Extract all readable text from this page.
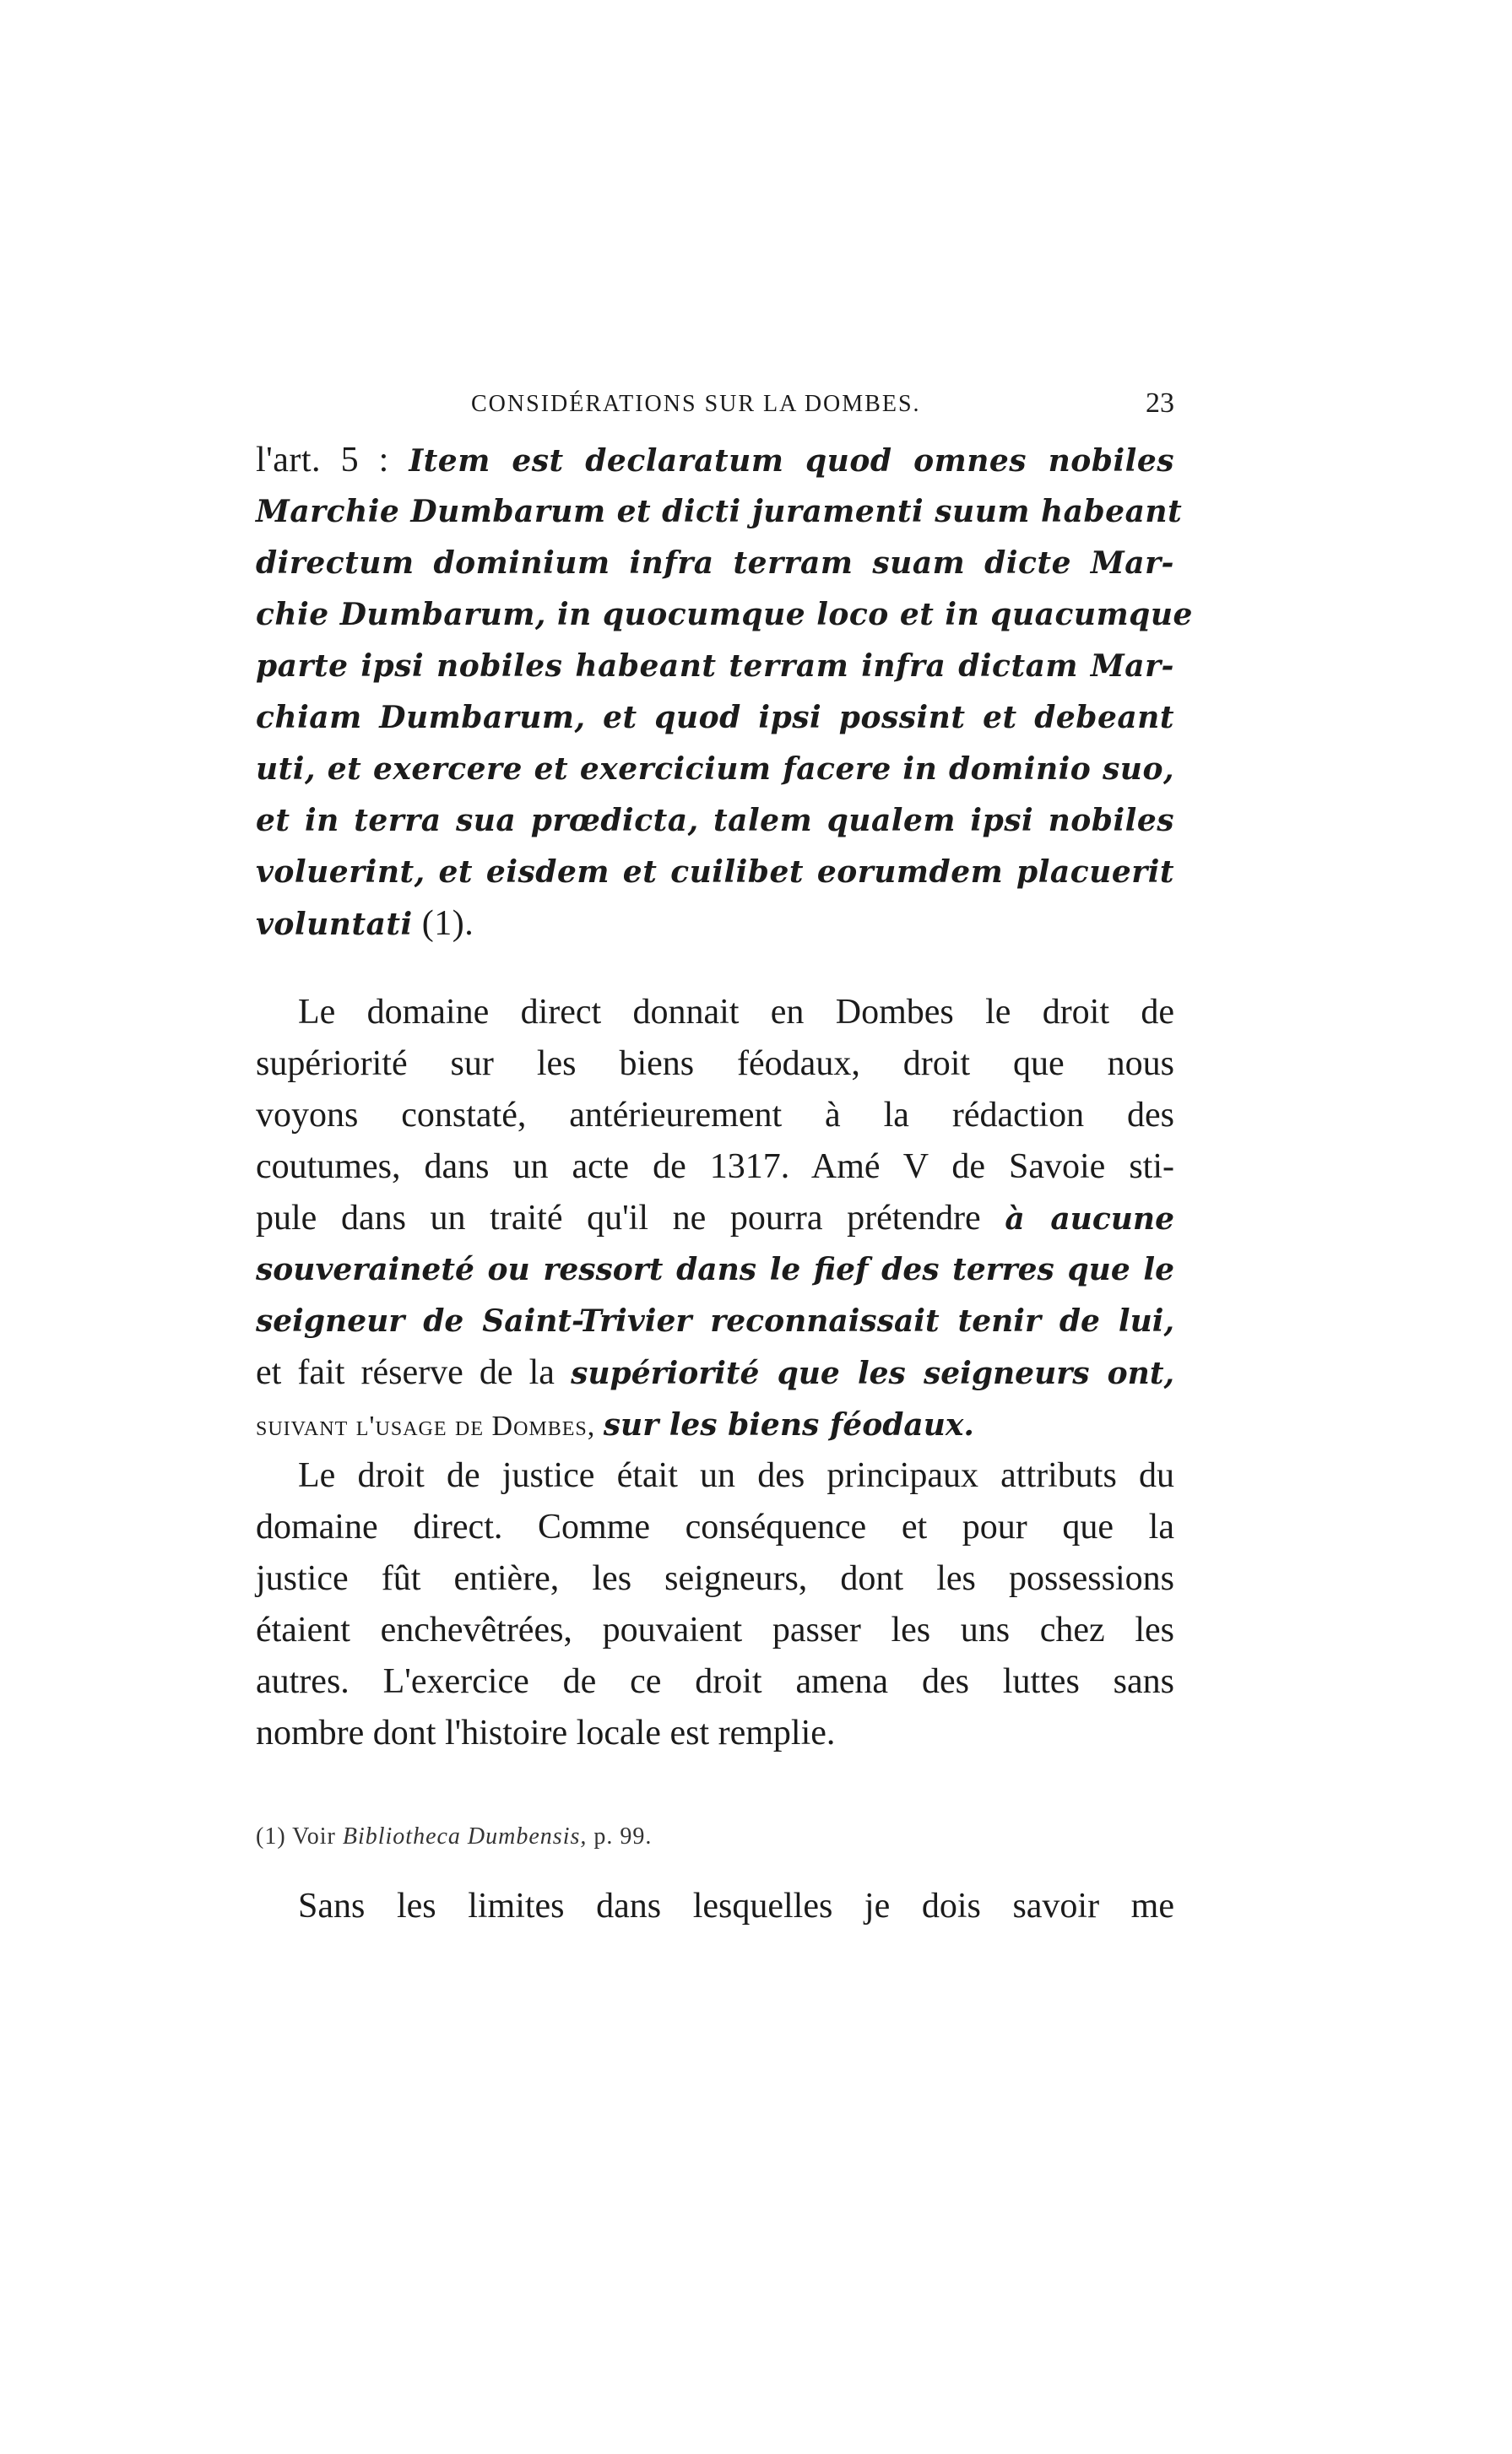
CONSIDÉRATIONS SUR LA DOMBES.	23
l'art. 5 : Item est declaratum quod omnes nobiles
Marchie Dumbarum et dicti juramenti suum habeant
directum dominium infra terram suam dicte Mar-
chie Dumbarum, in quocumque loco et in quacumque
parte ipsi nobiles habeant terram infra dictam Mar-
chiam Dumbarum, et quod ipsi possint et debeant
uti, et exercere et exercicium facere in dominio suo,
et in terra sua prœdicta, talem qualem ipsi nobiles
voluerint, et eisdem et cuilibet eorumdem placuerit
voluntati (1).
Le domaine direct donnait en Dombes le droit de
supériorité sur les biens féodaux, droit que nous
voyons constaté, antérieurement à la rédaction des
coutumes, dans un acte de 1317. Amé V de Savoie sti-
pule dans un traité qu'il ne pourra prétendre à aucune
souveraineté ou ressort dans le fief des terres que le
seigneur de Saint-Trivier reconnaissait tenir de lui,
et fait réserve de la supériorité que les seigneurs ont,
suivant l'usage de Dombes, sur les biens féodaux.
Le droit de justice était un des principaux attributs du
domaine direct. Comme conséquence et pour que la
justice fût entière, les seigneurs, dont les possessions
étaient enchevêtrées, pouvaient passer les uns chez les
autres. L'exercice de ce droit amena des luttes sans
nombre dont l'histoire locale est remplie.
Sans les limites dans lesquelles je dois savoir me
(1) Voir Bibliotheca Dumbensis, p. 99.
